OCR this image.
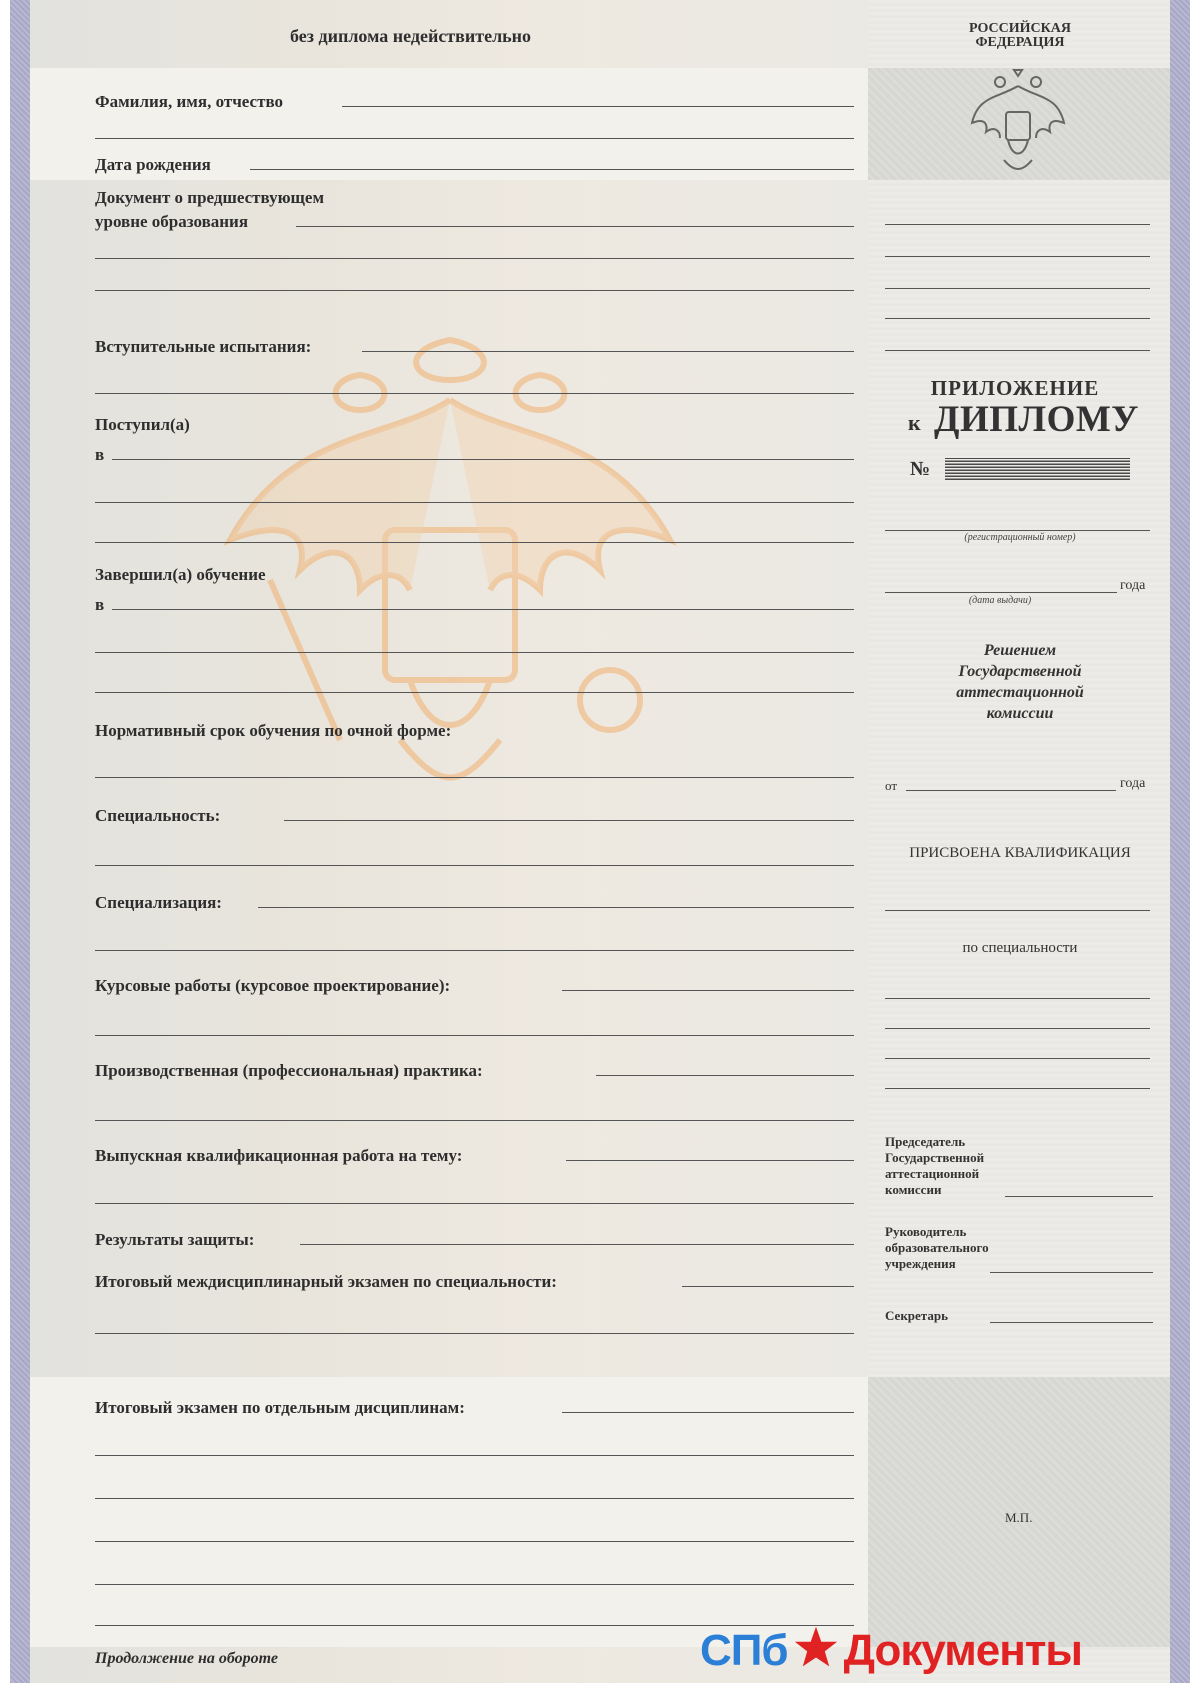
без диплома недействительно	РОССИЙСКАЯ
ФЕДЕРАЦИЯ
Фамилия, имя, отчество
Дата рождения
Документ о предшествующем
уровне образования
Вступительные испытания:
Поступил(а)
в
Завершил(а) обучение
в
Нормативный срок обучения по очной форме:
Специальность:
Специализация:
Курсовые работы (курсовое проектирование):
Производственная (профессиональная) практика:
Выпускная квалификационная работа на тему:
Результаты защиты:
Итоговый междисциплинарный экзамен по специальности:
Итоговый экзамен по отдельным дисциплинам:
Продолжение на обороте
ПРИЛОЖЕНИЕ
к ДИПЛОМУ
№
(регистрационный номер)
года
(дата выдачи)
Решением
Государственной
аттестационной
комиссии
от	года
ПРИСВОЕНА КВАЛИФИКАЦИЯ
по специальности
Председатель
Государственной
аттестационной
комиссии
Руководитель
образовательного
учреждения
Секретарь
М.П.
СПб Документы
